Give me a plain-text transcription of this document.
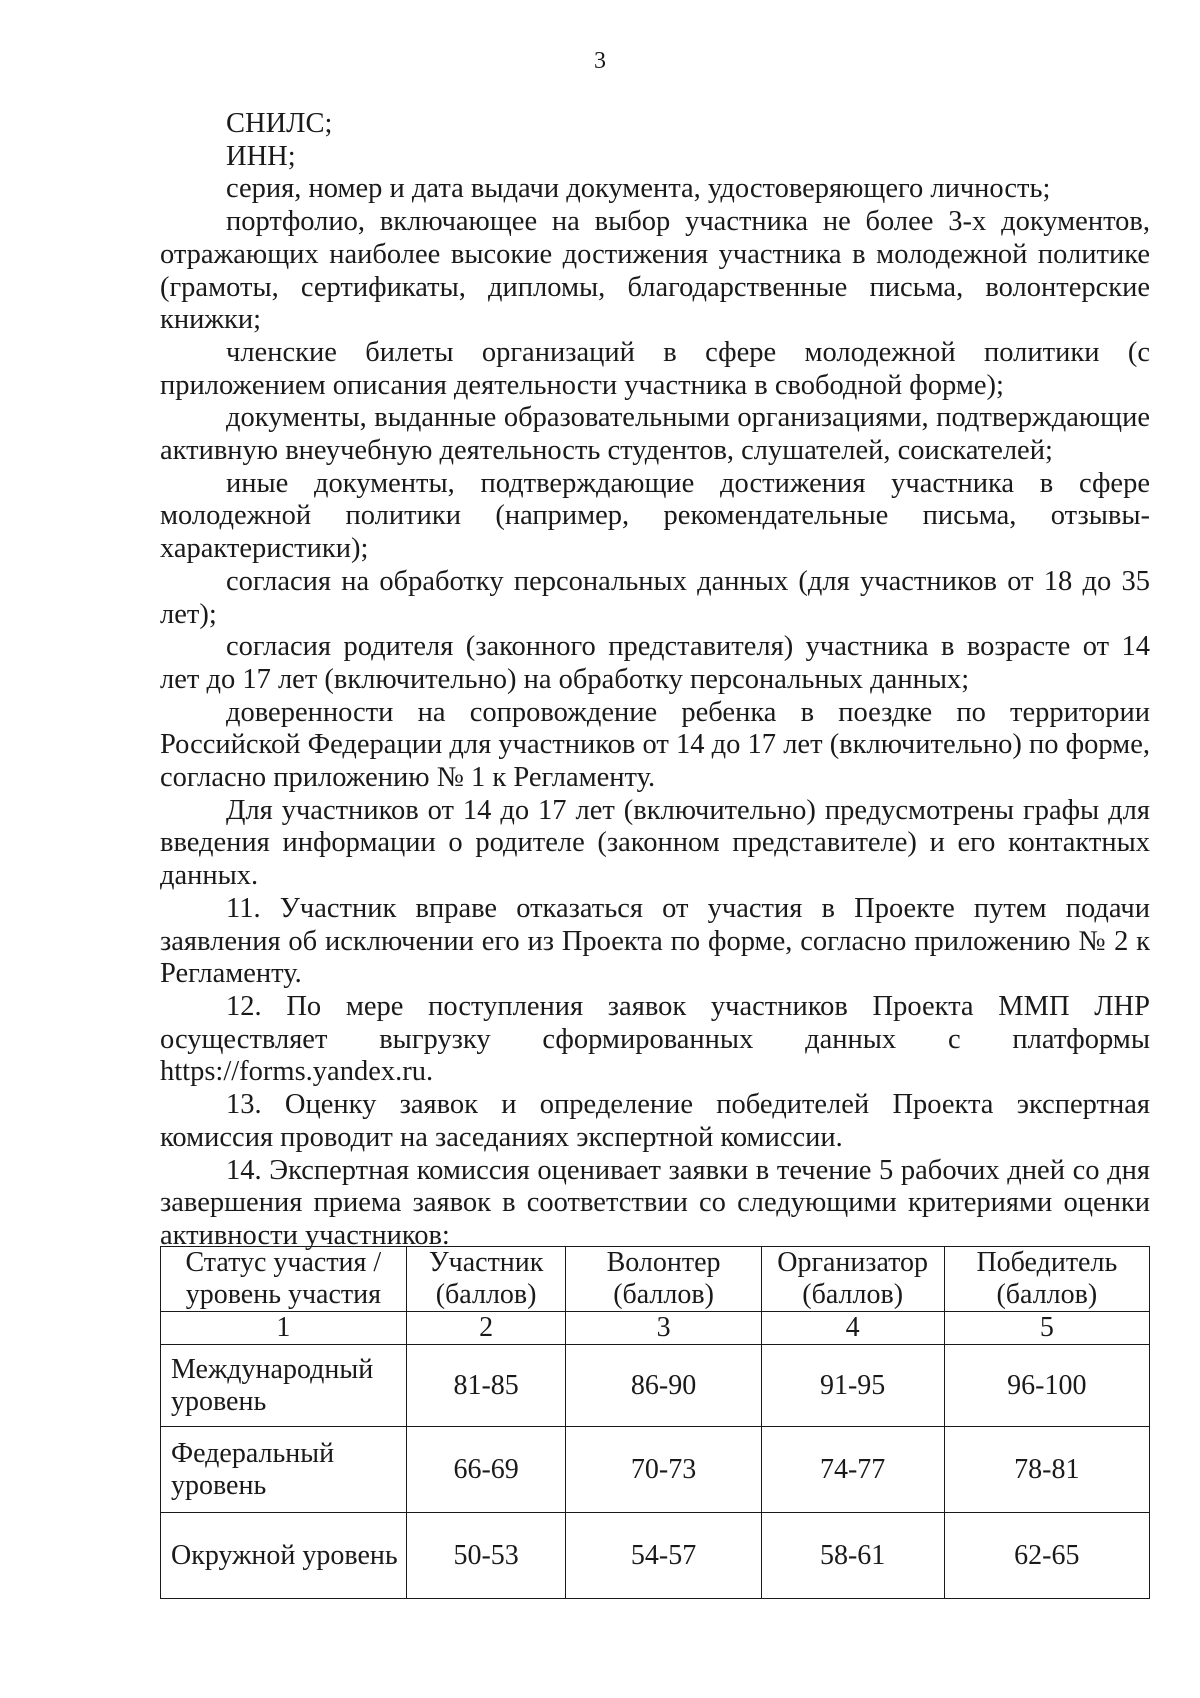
3

СНИЛС;

ИНН;

серия, номер и дата выдачи документа, удостоверяющего личность;

портфолио, включающее на выбор участника не более 3-х документов, отражающих наиболее высокие достижения участника в молодежной политике (грамоты, сертификаты, дипломы, благодарственные письма, волонтерские книжки;

членские билеты организаций в сфере молодежной политики (с приложением описания деятельности участника в свободной форме);

документы, выданные образовательными организациями, подтверждающие активную внеучебную деятельность студентов, слушателей, соискателей;

иные документы, подтверждающие достижения участника в сфере молодежной политики (например, рекомендательные письма, отзывы-характеристики);

согласия на обработку персональных данных (для участников от 18 до 35 лет);

согласия родителя (законного представителя) участника в возрасте от 14 лет до 17 лет (включительно) на обработку персональных данных;

доверенности на сопровождение ребенка в поездке по территории Российской Федерации для участников от 14 до 17 лет (включительно) по форме, согласно приложению № 1 к Регламенту.

Для участников от 14 до 17 лет (включительно) предусмотрены графы для введения информации о родителе (законном представителе) и его контактных данных.

11. Участник вправе отказаться от участия в Проекте путем подачи заявления об исключении его из Проекта по форме, согласно приложению № 2 к Регламенту.

12. По мере поступления заявок участников Проекта ММП ЛНР осуществляет выгрузку сформированных данных с платформы https://forms.yandex.ru.

13. Оценку заявок и определение победителей Проекта экспертная комиссия проводит на заседаниях экспертной комиссии.

14. Экспертная комиссия оценивает заявки в течение 5 рабочих дней со дня завершения приема заявок в соответствии со следующими критериями оценки активности участников:

Статус участия / уровень участия	Участник (баллов)	Волонтер (баллов)	Организатор (баллов)	Победитель (баллов)
1	2	3	4	5
Международный уровень	81-85	86-90	91-95	96-100
Федеральный уровень	66-69	70-73	74-77	78-81
Окружной уровень	50-53	54-57	58-61	62-65
